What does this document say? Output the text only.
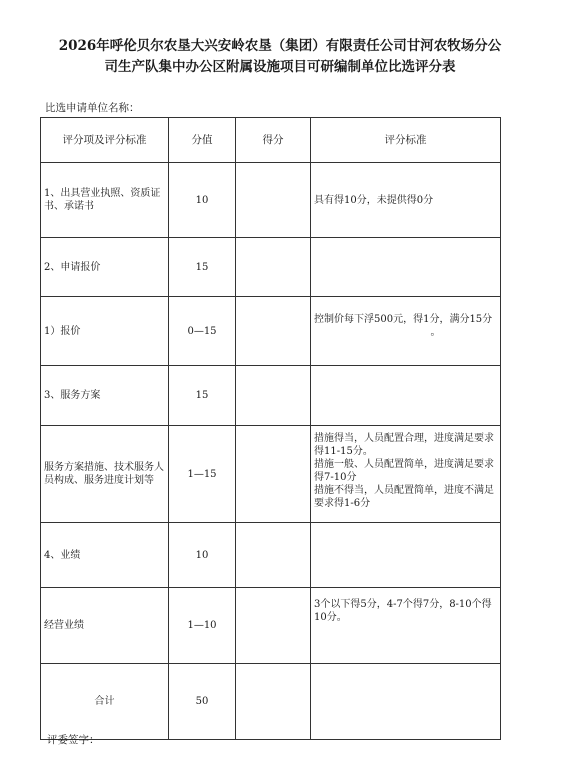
2026年呼伦贝尔农垦大兴安岭农垦（集团）有限责任公司甘河农牧场分公
司生产队集中办公区附属设施项目可研编制单位比选评分表
比选申请单位名称：
评分项及评分标准	分值	得分	评分标准
1、出具营业执照、资质证书、承诺书	10		具有得10分，未提供得0分

2、申请报价	15		
1）报价	0—15		控制价每下浮500元，得1分，满分15分
。

3、服务方案	15		
服务方案措施、技术服务人员构成、服务进度计划等	1—15		措施得当，人员配置合理，进度满足要求得11-15分。
措施一般、人员配置简单，进度满足要求得7-10分
措施不得当，人员配置简单，进度不满足要求得1-6分

4、业绩	10		
经营业绩	1—10		3个以下得5分，4-7个得7分，8-10个得10分。

合计	50		
评委签字：
